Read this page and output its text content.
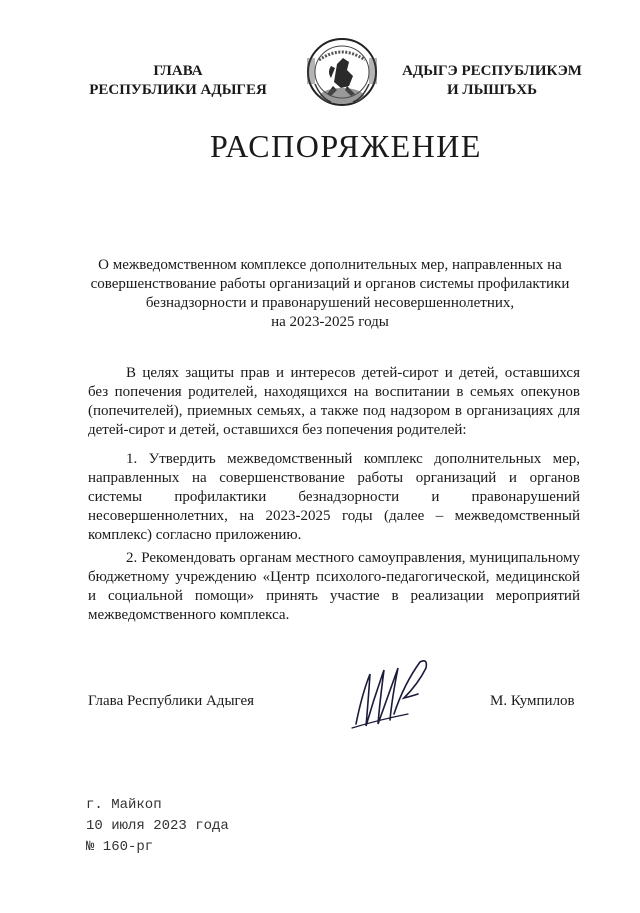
ГЛАВА
РЕСПУБЛИКИ АДЫГЕЯ
АДЫГЭ РЕСПУБЛИКЭМ
И ЛЫШЪХЬ
РАСПОРЯЖЕНИЕ
О межведомственном комплексе дополнительных мер, направленных на
совершенствование работы организаций и органов системы профилактики
безнадзорности и правонарушений несовершеннолетних,
на 2023-2025 годы

В целях защиты прав и интересов детей-сирот и детей, оставшихся без попечения родителей, находящихся на воспитании в семьях опекунов (попечителей), приемных семьях, а также под надзором в организациях для детей-сирот и детей, оставшихся без попечения родителей:

1. Утвердить межведомственный комплекс дополнительных мер, направленных на совершенствование работы организаций и органов системы профилактики безнадзорности и правонарушений несовершеннолетних, на 2023-2025 годы (далее – межведомственный комплекс) согласно приложению.

2. Рекомендовать органам местного самоуправления, муниципальному бюджетному учреждению «Центр психолого-педагогической, медицинской и социальной помощи» принять участие в реализации мероприятий межведомственного комплекса.

Глава Республики Адыгея	М. Кумпилов
г. Майкоп
10 июля 2023 года
№ 160-рг
